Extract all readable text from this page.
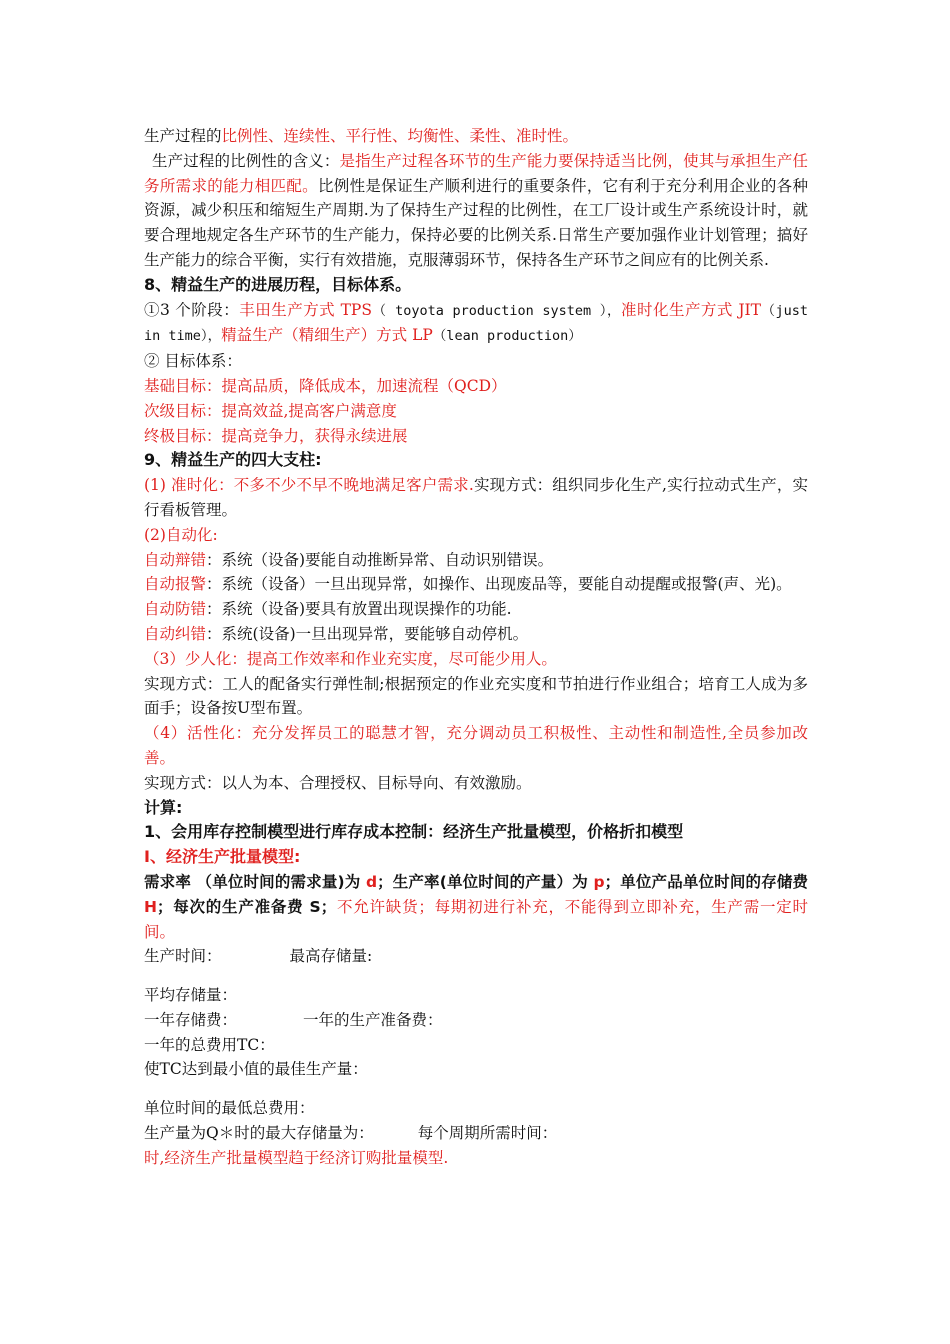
生产过程的比例性、连续性、平行性、均衡性、柔性、准时性。

生产过程的比例性的含义：是指生产过程各环节的生产能力要保持适当比例，使其与承担生产任务所需求的能力相匹配。比例性是保证生产顺利进行的重要条件，它有利于充分利用企业的各种资源，减少积压和缩短生产周期.为了保持生产过程的比例性，在工厂设计或生产系统设计时，就要合理地规定各生产环节的生产能力，保持必要的比例关系.日常生产要加强作业计划管理；搞好生产能力的综合平衡，实行有效措施，克服薄弱环节，保持各生产环节之间应有的比例关系.

8、精益生产的进展历程，目标体系。

①3 个阶段：丰田生产方式 TPS（ toyota production system ），准时化生产方式 JIT（just in time），精益生产（精细生产）方式 LP（lean production）

② 目标体系：

基础目标：提高品质，降低成本，加速流程（QCD）

次级目标：提高效益,提高客户满意度

终极目标：提高竞争力，获得永续进展

9、精益生产的四大支柱:

(1) 准时化：不多不少不早不晚地满足客户需求.实现方式：组织同步化生产,实行拉动式生产，实行看板管理。

(2)自动化:

自动辩错：系统（设备)要能自动推断异常、自动识别错误。

自动报警：系统（设备）一旦出现异常，如操作、出现废品等，要能自动提醒或报警(声、光)。

自动防错：系统（设备)要具有放置出现误操作的功能.

自动纠错：系统(设备)一旦出现异常，要能够自动停机。

（3）少人化：提高工作效率和作业充实度，尽可能少用人。

实现方式：工人的配备实行弹性制;根据预定的作业充实度和节拍进行作业组合；培育工人成为多面手；设备按U型布置。

（4）活性化：充分发挥员工的聪慧才智，充分调动员工积极性、主动性和制造性,全员参加改善。

实现方式：以人为本、合理授权、目标导向、有效激励。

计算:

1、会用库存控制模型进行库存成本控制：经济生产批量模型，价格折扣模型

Ⅰ、经济生产批量模型:

需求率 （单位时间的需求量)为 d；生产率(单位时间的产量）为 p；单位产品单位时间的存储费 H；每次的生产准备费 S；不允许缺货；每期初进行补充，不能得到立即补充，生产需一定时间。

生产时间：	最高存储量:

平均存储量：

一年存储费：	一年的生产准备费：

一年的总费用TC：

使TC达到最小值的最佳生产量：

单位时间的最低总费用：

生产量为Q＊时的最大存储量为：	每个周期所需时间：

时,经济生产批量模型趋于经济订购批量模型.
